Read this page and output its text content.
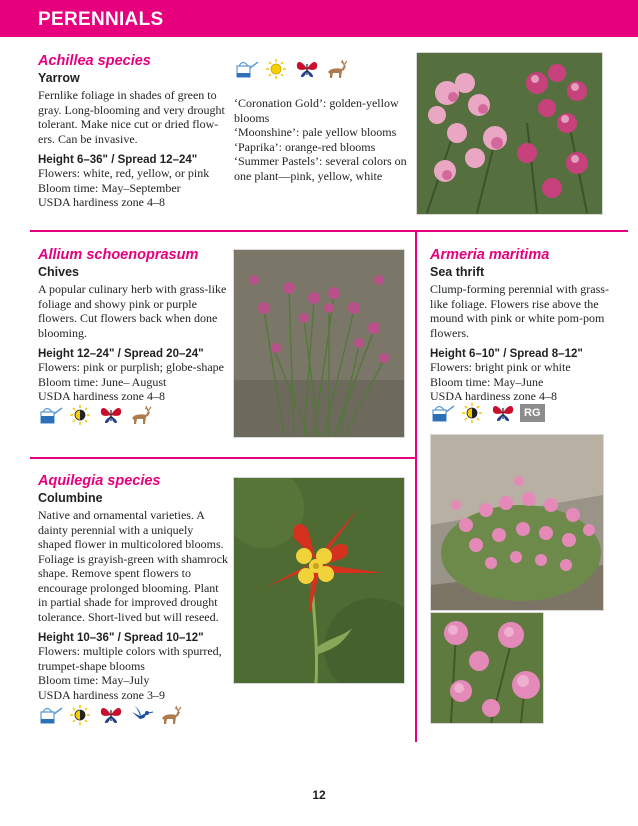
PERENNIALS
Achillea species
Yarrow
Fernlike foliage in shades of green to gray. Long-blooming and very drought tolerant. Make nice cut or dried flow-ers. Can be invasive.
Height 6–36" / Spread 12–24"
Flowers: white, red, yellow, or pink
Bloom time: May–September
USDA hardiness zone 4–8
‘Coronation Gold’: golden-yellow
blooms
‘Moonshine’: pale yellow blooms
‘Paprika’: orange-red blooms
‘Summer Pastels’: several colors on
one plant—pink, yellow, white
Allium schoenoprasum
Chives
A popular culinary herb with grass-like foliage and showy pink or purple flowers. Cut flowers back when done blooming.
Height 12–24" / Spread 20–24"
Flowers: pink or purplish; globe-shape
Bloom time: June– August
USDA hardiness zone 4–8
Armeria maritima
Sea thrift
Clump-forming perennial with grass-like foliage. Flowers rise above the mound with pink or white pom-pom flowers.
Height 6–10" / Spread 8–12"
Flowers: bright pink or white
Bloom time: May–June
USDA hardiness zone 4–8
RG
Aquilegia species
Columbine
Native and ornamental varieties. A dainty perennial with a uniquely shaped flower in multicolored blooms. Foliage is grayish-green with shamrock shape. Remove spent flowers to encourage prolonged blooming. Plant in partial shade for improved drought tolerance. Short-lived but will reseed.
Height 10–36" / Spread 10–12"
Flowers: multiple colors with spurred, trumpet-shape blooms
Bloom time: May–July
USDA hardiness zone 3–9
12
